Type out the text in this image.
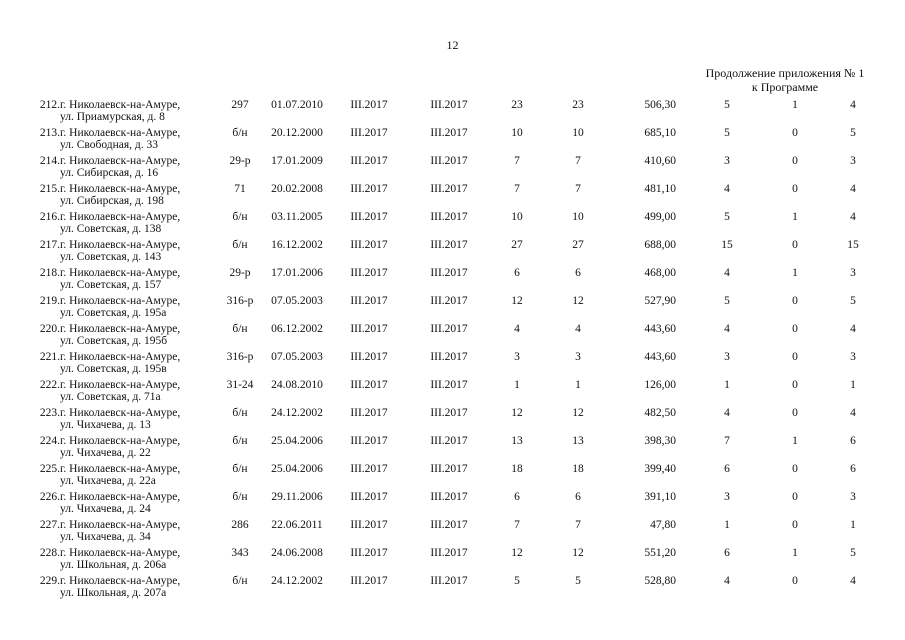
12
Продолжение приложения № 1
к Программе
212. г. Николаевск-на-Амуре,
ул. Приамурская, д. 8
297	01.07.2010	III.2017	III.2017	23	23	506,30	5	1	4
213. г. Николаевск-на-Амуре,
ул. Свободная, д. 33
б/н	20.12.2000	III.2017	III.2017	10	10	685,10	5	0	5
214. г. Николаевск-на-Амуре,
ул. Сибирская, д. 16
29-р	17.01.2009	III.2017	III.2017	7	7	410,60	3	0	3
215. г. Николаевск-на-Амуре,
ул. Сибирская, д. 198
71	20.02.2008	III.2017	III.2017	7	7	481,10	4	0	4
216. г. Николаевск-на-Амуре,
ул. Советская, д. 138
б/н	03.11.2005	III.2017	III.2017	10	10	499,00	5	1	4
217. г. Николаевск-на-Амуре,
ул. Советская, д. 143
б/н	16.12.2002	III.2017	III.2017	27	27	688,00	15	0	15
218. г. Николаевск-на-Амуре,
ул. Советская, д. 157
29-р	17.01.2006	III.2017	III.2017	6	6	468,00	4	1	3
219. г. Николаевск-на-Амуре,
ул. Советская, д. 195а
316-р	07.05.2003	III.2017	III.2017	12	12	527,90	5	0	5
220. г. Николаевск-на-Амуре,
ул. Советская, д. 195б
б/н	06.12.2002	III.2017	III.2017	4	4	443,60	4	0	4
221. г. Николаевск-на-Амуре,
ул. Советская, д. 195в
316-р	07.05.2003	III.2017	III.2017	3	3	443,60	3	0	3
222. г. Николаевск-на-Амуре,
ул. Советская, д. 71а
31-24	24.08.2010	III.2017	III.2017	1	1	126,00	1	0	1
223. г. Николаевск-на-Амуре,
ул. Чихачева, д. 13
б/н	24.12.2002	III.2017	III.2017	12	12	482,50	4	0	4
224. г. Николаевск-на-Амуре,
ул. Чихачева, д. 22
б/н	25.04.2006	III.2017	III.2017	13	13	398,30	7	1	6
225. г. Николаевск-на-Амуре,
ул. Чихачева, д. 22а
б/н	25.04.2006	III.2017	III.2017	18	18	399,40	6	0	6
226. г. Николаевск-на-Амуре,
ул. Чихачева, д. 24
б/н	29.11.2006	III.2017	III.2017	6	6	391,10	3	0	3
227. г. Николаевск-на-Амуре,
ул. Чихачева, д. 34
286	22.06.2011	III.2017	III.2017	7	7	47,80	1	0	1
228. г. Николаевск-на-Амуре,
ул. Школьная, д. 206а
343	24.06.2008	III.2017	III.2017	12	12	551,20	6	1	5
229. г. Николаевск-на-Амуре,
ул. Школьная, д. 207а
б/н	24.12.2002	III.2017	III.2017	5	5	528,80	4	0	4
